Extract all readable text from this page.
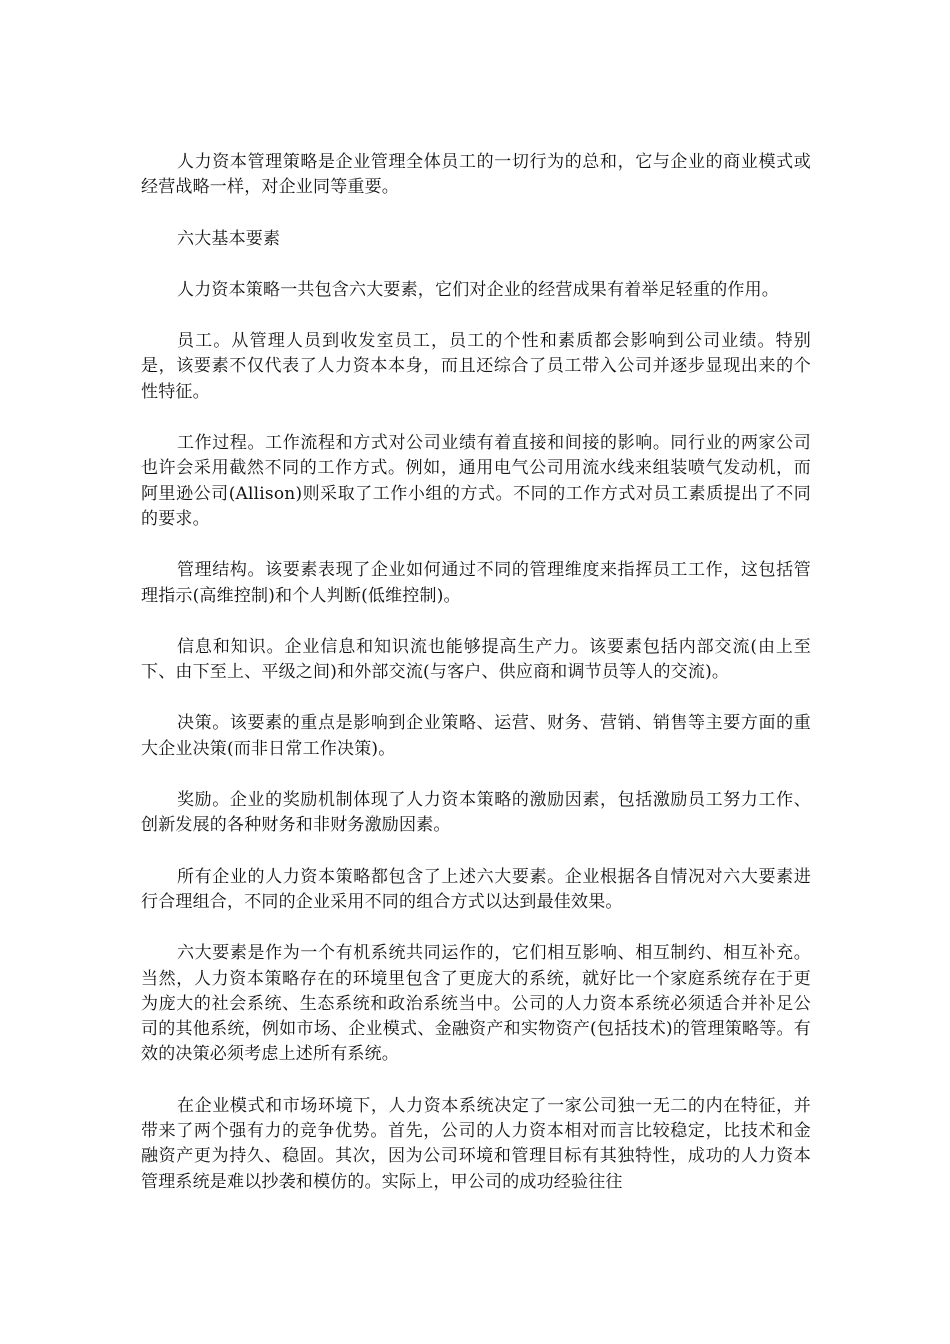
人力资本管理策略是企业管理全体员工的一切行为的总和，它与企业的商业模式或经营战略一样，对企业同等重要。

六大基本要素

人力资本策略一共包含六大要素，它们对企业的经营成果有着举足轻重的作用。

员工。从管理人员到收发室员工，员工的个性和素质都会影响到公司业绩。特别是，该要素不仅代表了人力资本本身，而且还综合了员工带入公司并逐步显现出来的个性特征。

工作过程。工作流程和方式对公司业绩有着直接和间接的影响。同行业的两家公司也许会采用截然不同的工作方式。例如，通用电气公司用流水线来组装喷气发动机，而阿里逊公司(Allison)则采取了工作小组的方式。不同的工作方式对员工素质提出了不同的要求。

管理结构。该要素表现了企业如何通过不同的管理维度来指挥员工工作，这包括管理指示(高维控制)和个人判断(低维控制)。

信息和知识。企业信息和知识流也能够提高生产力。该要素包括内部交流(由上至下、由下至上、平级之间)和外部交流(与客户、供应商和调节员等人的交流)。

决策。该要素的重点是影响到企业策略、运营、财务、营销、销售等主要方面的重大企业决策(而非日常工作决策)。

奖励。企业的奖励机制体现了人力资本策略的激励因素，包括激励员工努力工作、创新发展的各种财务和非财务激励因素。

所有企业的人力资本策略都包含了上述六大要素。企业根据各自情况对六大要素进行合理组合，不同的企业采用不同的组合方式以达到最佳效果。

六大要素是作为一个有机系统共同运作的，它们相互影响、相互制约、相互补充。当然，人力资本策略存在的环境里包含了更庞大的系统，就好比一个家庭系统存在于更为庞大的社会系统、生态系统和政治系统当中。公司的人力资本系统必须适合并补足公司的其他系统，例如市场、企业模式、金融资产和实物资产(包括技术)的管理策略等。有效的决策必须考虑上述所有系统。

在企业模式和市场环境下，人力资本系统决定了一家公司独一无二的内在特征，并带来了两个强有力的竞争优势。首先，公司的人力资本相对而言比较稳定，比技术和金融资产更为持久、稳固。其次，因为公司环境和管理目标有其独特性，成功的人力资本管理系统是难以抄袭和模仿的。实际上，甲公司的成功经验往往
